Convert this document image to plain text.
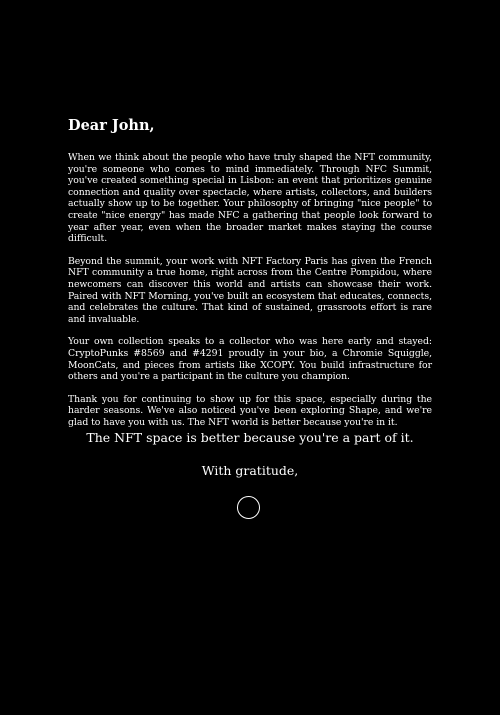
Dear John,

When we think about the people who have truly shaped the NFT community, you're someone who comes to mind immediately. Through NFC Summit, you've created something special in Lisbon: an event that prioritizes genuine connection and quality over spectacle, where artists, collectors, and builders actually show up to be together. Your philosophy of bringing "nice people" to create "nice energy" has made NFC a gathering that people look forward to year after year, even when the broader market makes staying the course difficult.

Beyond the summit, your work with NFT Factory Paris has given the French NFT community a true home, right across from the Centre Pompidou, where newcomers can discover this world and artists can showcase their work. Paired with NFT Morning, you've built an ecosystem that educates, connects, and celebrates the culture. That kind of sustained, grassroots effort is rare and invaluable.

Your own collection speaks to a collector who was here early and stayed: CryptoPunks #8569 and #4291 proudly in your bio, a Chromie Squiggle, MoonCats, and pieces from artists like XCOPY. You build infrastructure for others and you're a participant in the culture you champion.

Thank you for continuing to show up for this space, especially during the harder seasons. We've also noticed you've been exploring Shape, and we're glad to have you with us. The NFT world is better because you're in it.

The NFT space is better because you're a part of it.
With gratitude,
